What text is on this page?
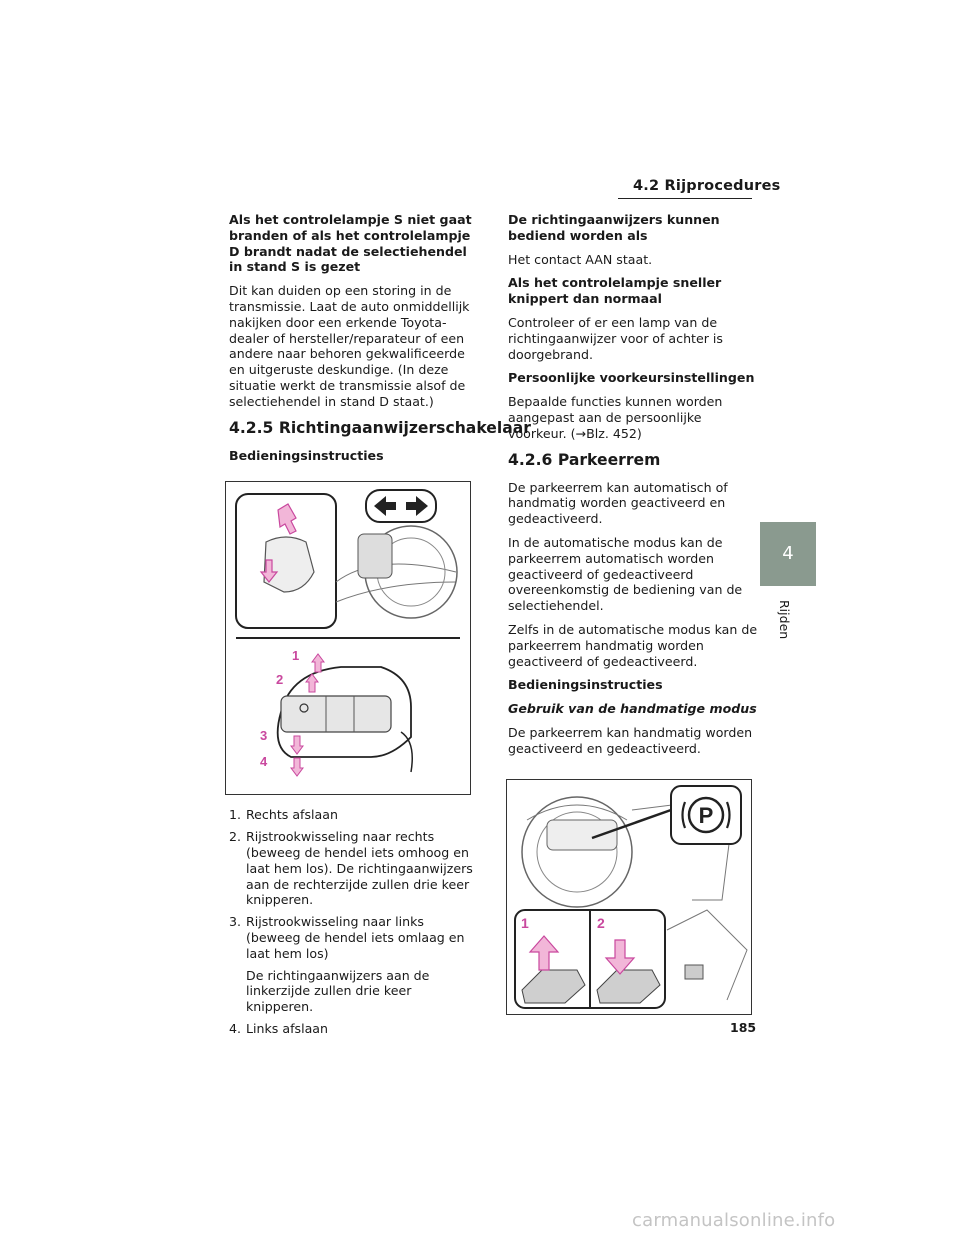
4.2 Rijprocedures

Als het controlelampje S niet gaat branden of als het controlelampje D brandt nadat de selectiehendel in stand S is gezet

Dit kan duiden op een storing in de transmissie. Laat de auto onmiddellijk nakijken door een erkende Toyota-dealer of hersteller/reparateur of een andere naar behoren gekwalificeerde en uitgeruste deskundige. (In deze situatie werkt de transmissie alsof de selectiehendel in stand D staat.)

4.2.5 Richtingaanwijzerschakelaar

Bedieningsinstructies

1
2
3
4
1. Rechts afslaan
2. Rijstrookwisseling naar rechts (beweeg de hendel iets omhoog en laat hem los). De richtingaanwijzers aan de rechterzijde zullen drie keer knipperen.
3. Rijstrookwisseling naar links (beweeg de hendel iets omlaag en laat hem los)
De richtingaanwijzers aan de linkerzijde zullen drie keer knipperen.
4. Links afslaan

De richtingaanwijzers kunnen bediend worden als

Het contact AAN staat.

Als het controlelampje sneller knippert dan normaal

Controleer of er een lamp van de richtingaanwijzer voor of achter is doorgebrand.

Persoonlijke voorkeursinstellingen

Bepaalde functies kunnen worden aangepast aan de persoonlijke voorkeur. (→Blz. 452)

4.2.6 Parkeerrem

De parkeerrem kan automatisch of handmatig worden geactiveerd en gedeactiveerd.

In de automatische modus kan de parkeerrem automatisch worden geactiveerd of gedeactiveerd overeenkomstig de bediening van de selectiehendel.

Zelfs in de automatische modus kan de parkeerrem handmatig worden geactiveerd of gedeactiveerd.

Bedieningsinstructies

Gebruik van de handmatige modus

De parkeerrem kan handmatig worden geactiveerd en gedeactiveerd.

P
1	2
4
Rijden
185
carmanualsonline.info
